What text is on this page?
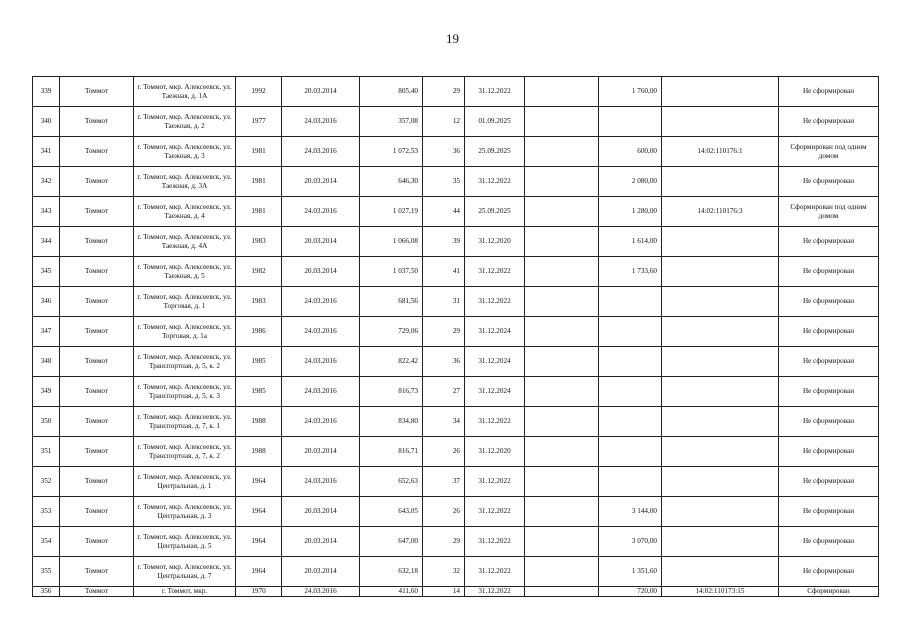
19
339	Томмот	г. Томмот, мкр. Алексеевск, ул. Таежная, д. 1А	1992	20.03.2014	805,40	29	31.12.2022		1 760,00		Не сформирован
340	Томмот	г. Томмот, мкр. Алексеевск, ул. Таежная, д. 2	1977	24.03.2016	357,08	12	01.09.2025				Не сформирован
341	Томмот	г. Томмот, мкр. Алексеевск, ул. Таежная, д. 3	1981	24.03.2016	1 072,53	36	25.09.2025		600,00	14:02:110176:1	Сформирован под одним домом
342	Томмот	г. Томмот, мкр. Алексеевск, ул. Таежная, д. 3А	1981	20.03.2014	646,30	35	31.12.2022		2 080,00		Не сформирован
343	Томмот	г. Томмот, мкр. Алексеевск, ул. Таежная, д. 4	1981	24.03.2016	1 027,19	44	25.09.2025		1 280,00	14:02:110176:3	Сформирован под одним домом
344	Томмот	г. Томмот, мкр. Алексеевск, ул. Таежная, д. 4А	1983	20.03.2014	1 066,08	39	31.12.2020		1 614,00		Не сформирован
345	Томмот	г. Томмот, мкр. Алексеевск, ул. Таежная, д. 5	1982	20.03.2014	1 037,50	41	31.12.2022		1 733,60		Не сформирован
346	Томмот	г. Томмот, мкр. Алексеевск, ул. Торговая, д. 1	1983	24.03.2016	681,56	31	31.12.2022				Не сформирован
347	Томмот	г. Томмот, мкр. Алексеевск, ул. Торговая, д. 1а	1986	24.03.2016	729,06	29	31.12.2024				Не сформирован
348	Томмот	г. Томмот, мкр. Алексеевск, ул. Транспортная, д. 5, к. 2	1985	24.03.2016	822,42	36	31.12.2024				Не сформирован
349	Томмот	г. Томмот, мкр. Алексеевск, ул. Транспортная, д. 5, к. 3	1985	24.03.2016	816,73	27	31.12.2024				Не сформирован
350	Томмот	г. Томмот, мкр. Алексеевск, ул. Транспортная, д. 7, к. 1	1988	24.03.2016	834,80	34	31.12.2022				Не сформирован
351	Томмот	г. Томмот, мкр. Алексеевск, ул. Транспортная, д. 7, к. 2	1988	20.03.2014	816,71	26	31.12.2020				Не сформирован
352	Томмот	г. Томмот, мкр. Алексеевск, ул. Центральная, д. 1	1964	24.03.2016	652,63	37	31.12.2022				Не сформирован
353	Томмот	г. Томмот, мкр. Алексеевск, ул. Центральная, д. 3	1964	20.03.2014	643,05	26	31.12.2022		3 144,00		Не сформирован
354	Томмот	г. Томмот, мкр. Алексеевск, ул. Центральная, д. 5	1964	20.03.2014	647,00	29	31.12.2022		3 070,00		Не сформирован
355	Томмот	г. Томмот, мкр. Алексеевск, ул. Центральная, д. 7	1964	20.03.2014	632,18	32	31.12.2022		1 351,60		Не сформирован
356	Томмот	г. Томмот, мкр.	1970	24.03.2016	411,60	14	31.12.2022		720,00	14:02:110173:15	Сформирован
